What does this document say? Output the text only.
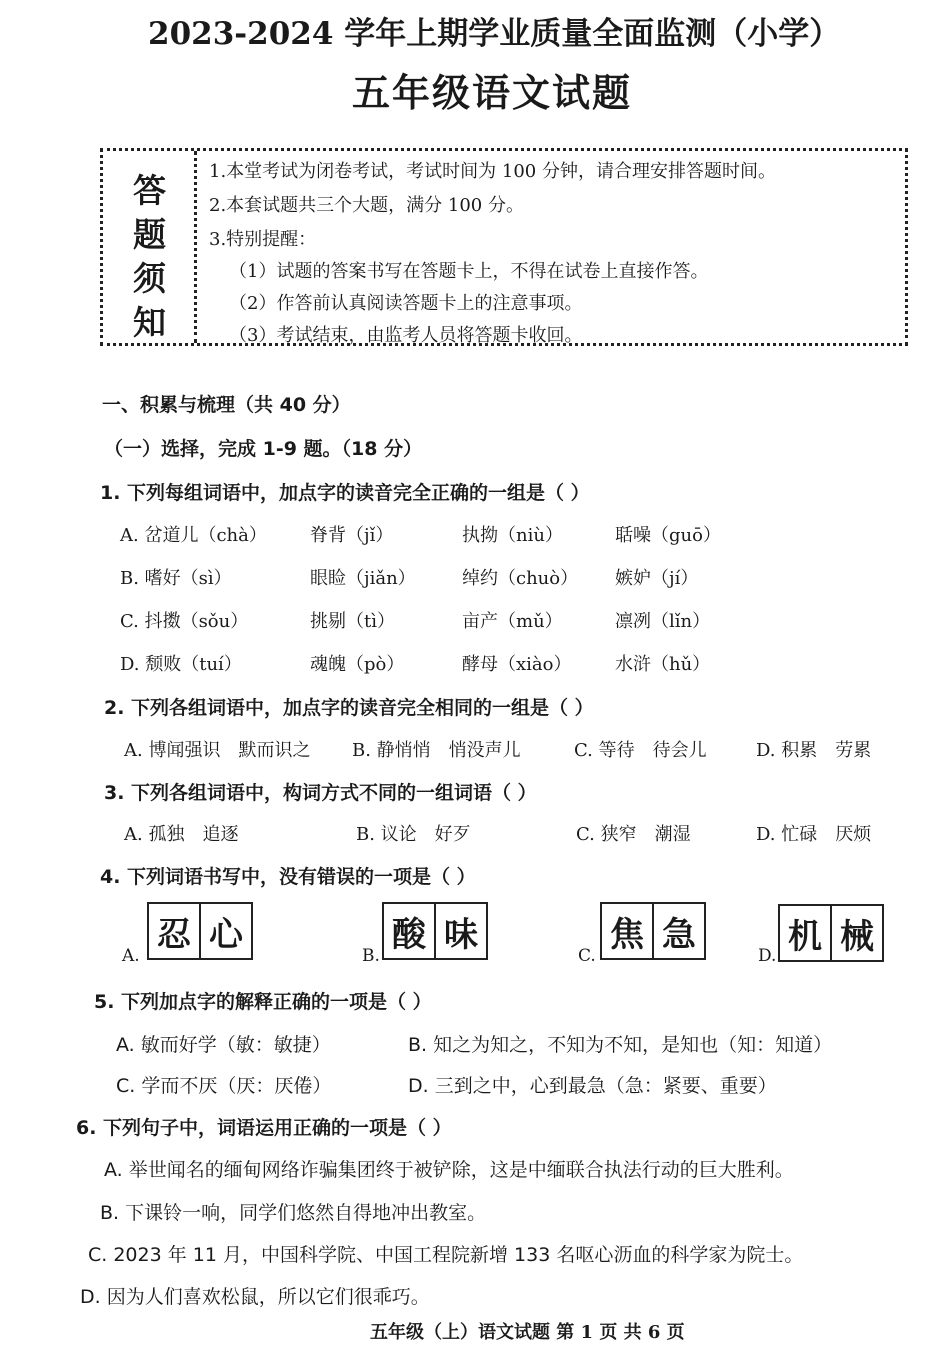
2023-2024 学年上期学业质量全面监测（小学）
五年级语文试题
答
题
须
知
1.本堂考试为闭卷考试，考试时间为 100 分钟，请合理安排答题时间。
2.本套试题共三个大题，满分 100 分。
3.特别提醒：
（1）试题的答案书写在答题卡上，不得在试卷上直接作答。
（2）作答前认真阅读答题卡上的注意事项。
（3）考试结束，由监考人员将答题卡收回。
一、积累与梳理（共 40 分）
（一）选择，完成 1-9 题。（18 分）
1. 下列每组词语中，加点字的读音完全正确的一组是（ ）
A. 岔道儿（chà） 脊背（jǐ）	执拗（niù）	聒噪（guō）
B. 嗜好（sì）	眼睑（jiǎn）	绰约（chuò） 嫉妒（jí）
C. 抖擞（sǒu）	挑剔（tì）	亩产（mǔ）	凛冽（lǐn）
D. 颓败（tuí）	魂魄（pò）	酵母（xiào） 水浒（hǔ）
2. 下列各组词语中，加点字的读音完全相同的一组是（ ）
A. 博闻强识　默而识之 B. 静悄悄　悄没声儿	C. 等待　待会儿	D. 积累　劳累
3. 下列各组词语中，构词方式不同的一组词语（ ）
A. 孤独　追逐	B. 议论　好歹	C. 狭窄　潮湿	D. 忙碌　厌烦
4. 下列词语书写中，没有错误的一项是（ ）
A.
忍 心
B.
酸 味
C.
焦 急
D. 机 械
5. 下列加点字的解释正确的一项是（ ）
A. 敏而好学（敏：敏捷）	B. 知之为知之，不知为不知，是知也（知：知道）
C. 学而不厌（厌：厌倦）	D. 三到之中，心到最急（急：紧要、重要）
6. 下列句子中，词语运用正确的一项是（ ）
A. 举世闻名的缅甸网络诈骗集团终于被铲除，这是中缅联合执法行动的巨大胜利。
B. 下课铃一响，同学们悠然自得地冲出教室。
C. 2023 年 11 月，中国科学院、中国工程院新增 133 名呕心沥血的科学家为院士。
D. 因为人们喜欢松鼠，所以它们很乖巧。
五年级（上）语文试题 第 1 页 共 6 页
